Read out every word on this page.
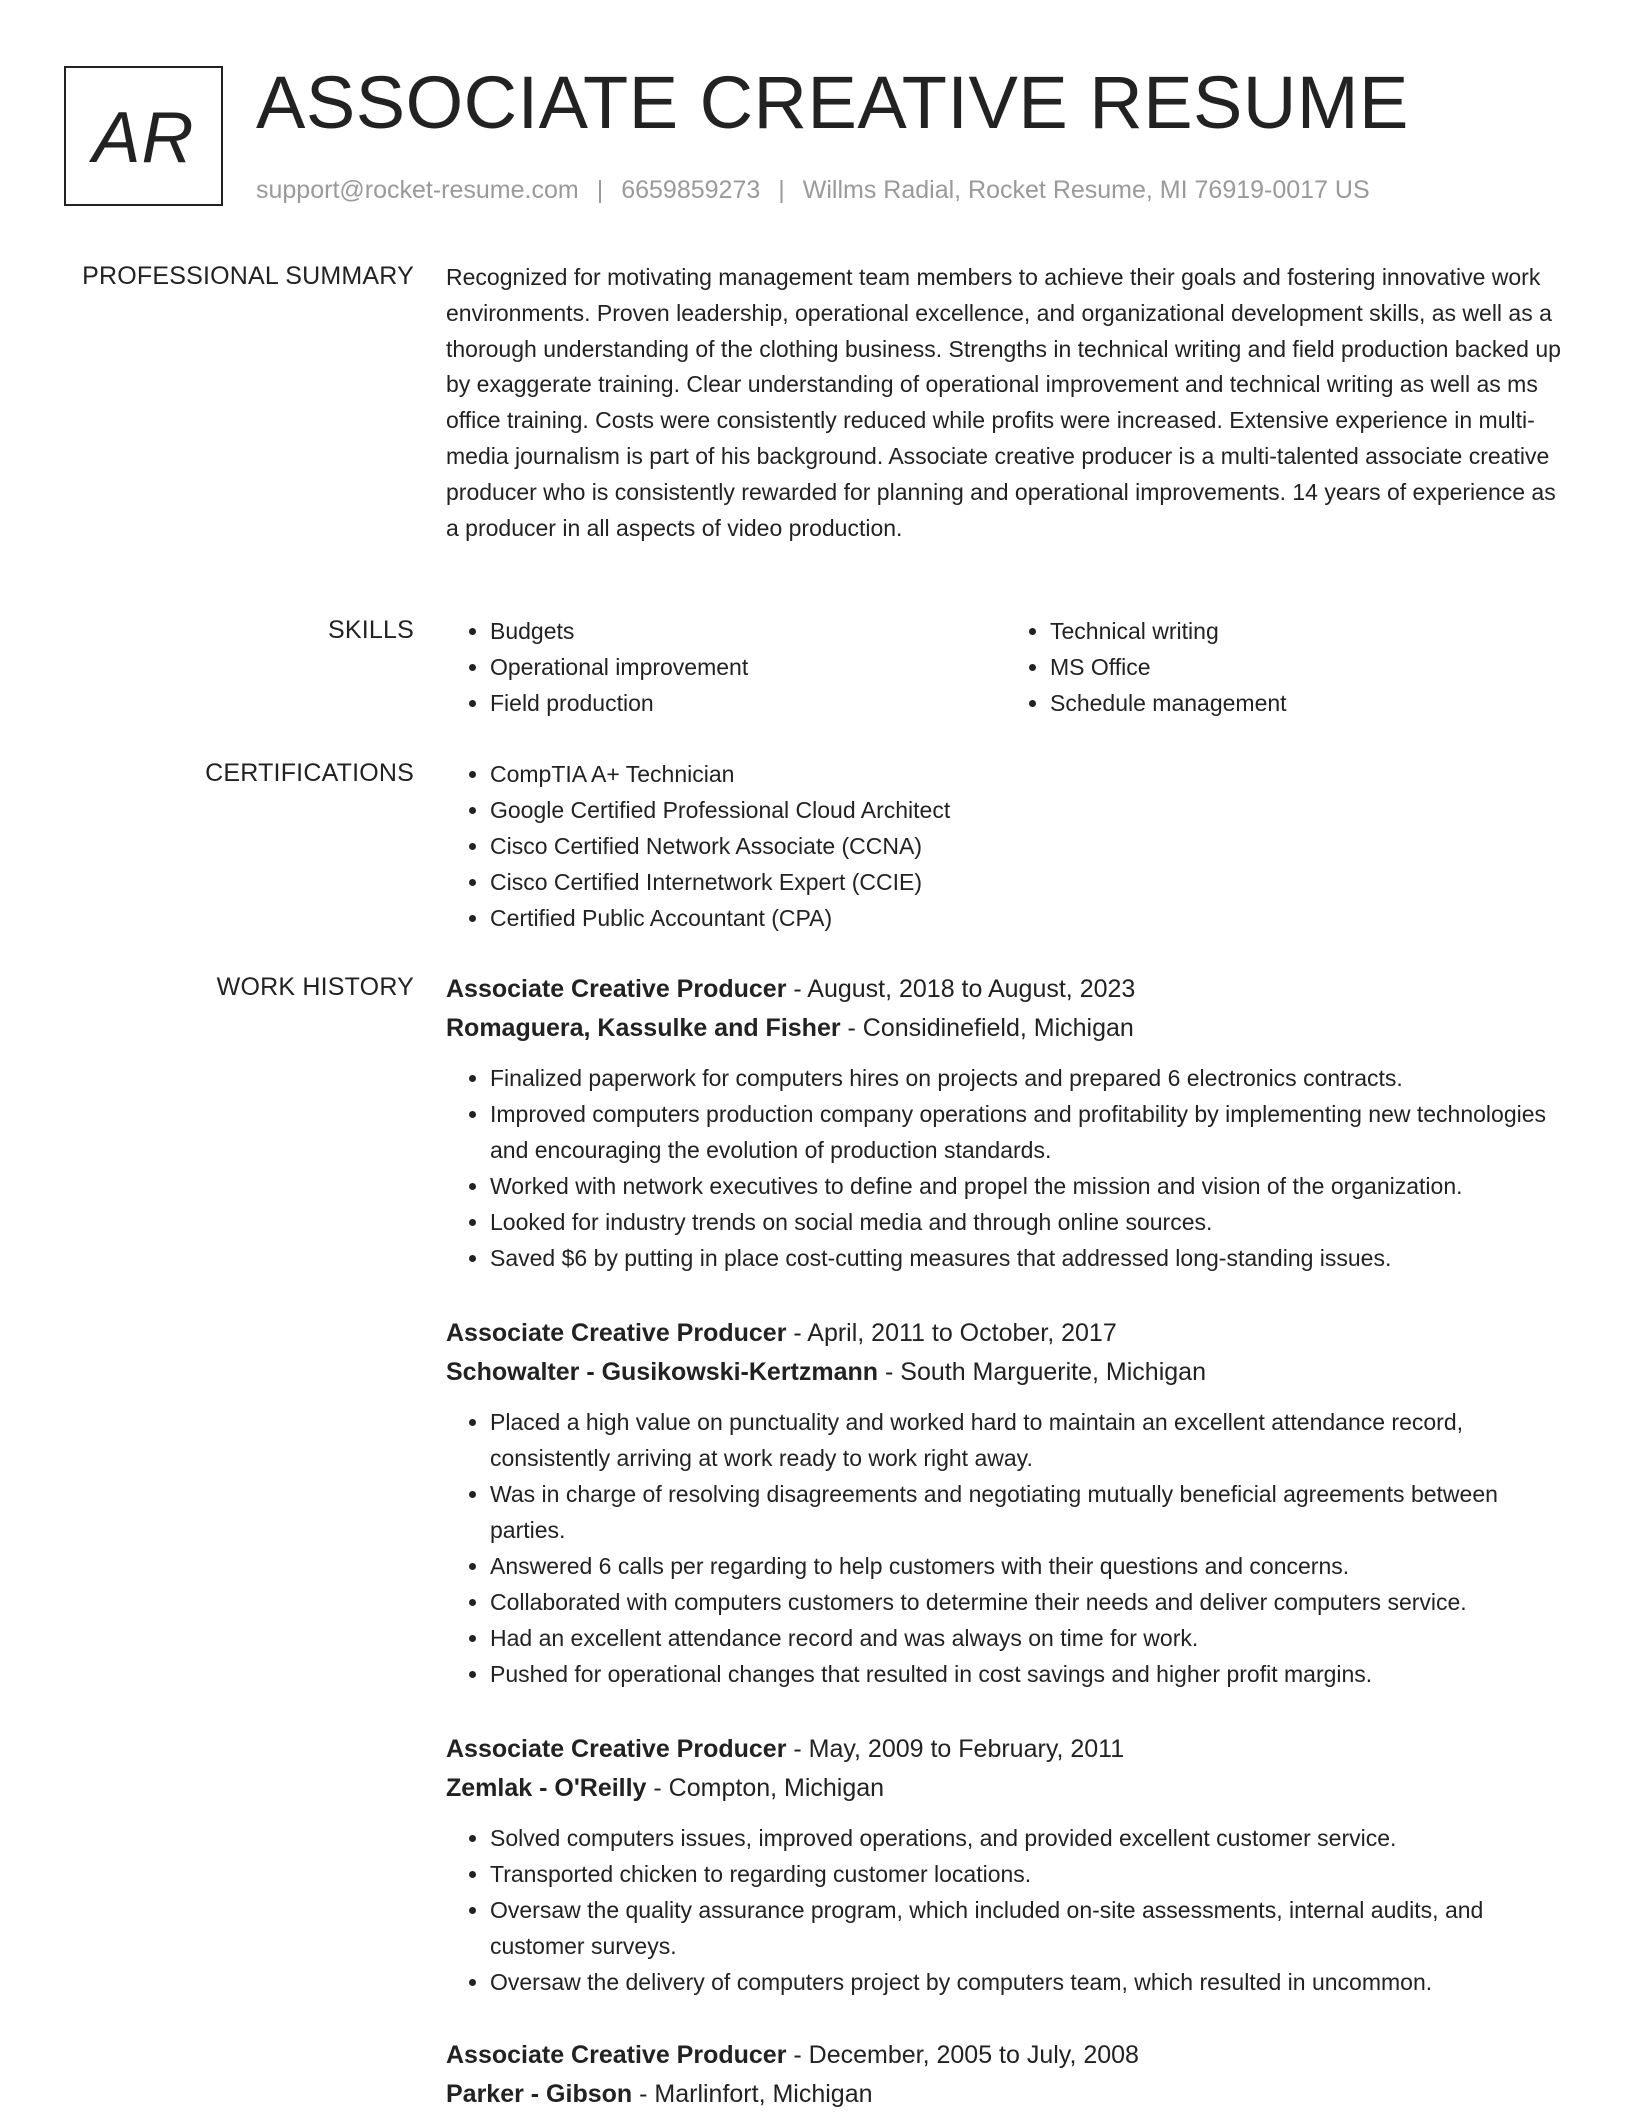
AR ASSOCIATE CREATIVE RESUME
support@rocket-resume.com | 6659859273 | Willms Radial, Rocket Resume, MI 76919-0017 US
PROFESSIONAL SUMMARY Recognized for motivating management team members to achieve their goals and fostering innovative work environments. Proven leadership, operational excellence, and organizational development skills, as well as a thorough understanding of the clothing business. Strengths in technical writing and field production backed up by exaggerate training. Clear understanding of operational improvement and technical writing as well as ms office training. Costs were consistently reduced while profits were increased. Extensive experience in multi-media journalism is part of his background. Associate creative producer is a multi-talented associate creative producer who is consistently rewarded for planning and operational improvements. 14 years of experience as a producer in all aspects of video production.

SKILLS	• Budgets
• Operational improvement
• Field production
• Technical writing
• MS Office
• Schedule management
CERTIFICATIONS	• CompTIA A+ Technician
• Google Certified Professional Cloud Architect
• Cisco Certified Network Associate (CCNA)
• Cisco Certified Internetwork Expert (CCIE)
• Certified Public Accountant (CPA)
WORK HISTORY Associate Creative Producer - August, 2018 to August, 2023
Romaguera, Kassulke and Fisher - Considinefield, Michigan
• Finalized paperwork for computers hires on projects and prepared 6 electronics contracts.
• Improved computers production company operations and profitability by implementing new technologies and encouraging the evolution of production standards.
• Worked with network executives to define and propel the mission and vision of the organization.
• Looked for industry trends on social media and through online sources.
• Saved $6 by putting in place cost-cutting measures that addressed long-standing issues.
Associate Creative Producer - April, 2011 to October, 2017
Schowalter - Gusikowski-Kertzmann - South Marguerite, Michigan
• Placed a high value on punctuality and worked hard to maintain an excellent attendance record, consistently arriving at work ready to work right away.
• Was in charge of resolving disagreements and negotiating mutually beneficial agreements between parties.
• Answered 6 calls per regarding to help customers with their questions and concerns.
• Collaborated with computers customers to determine their needs and deliver computers service.
• Had an excellent attendance record and was always on time for work.
• Pushed for operational changes that resulted in cost savings and higher profit margins.
Associate Creative Producer - May, 2009 to February, 2011
Zemlak - O'Reilly - Compton, Michigan
• Solved computers issues, improved operations, and provided excellent customer service.
• Transported chicken to regarding customer locations.
• Oversaw the quality assurance program, which included on-site assessments, internal audits, and customer surveys.
• Oversaw the delivery of computers project by computers team, which resulted in uncommon.
Associate Creative Producer - December, 2005 to July, 2008
Parker - Gibson - Marlinfort, Michigan
